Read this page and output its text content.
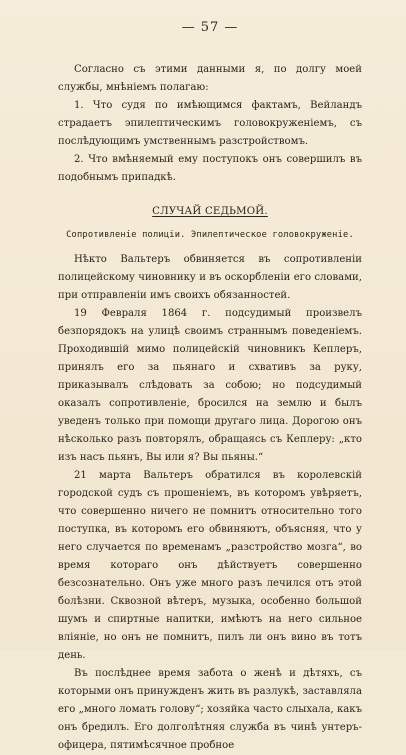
— 57 —

Согласно съ этими данными я, по долгу моей службы, мнѣнiемъ полагаю:

1. Что судя по имѣющимся фактамъ, Вейландъ страдаетъ эпилептическимъ головокруженiемъ, съ послѣдующимъ умственнымъ разстройствомъ.

2. Что вмѣняемый ему поступокъ онъ совершилъ въ подобнымъ припадкѣ.

СЛУЧАЙ СЕДЬМОЙ.
Сопротивленiе полицiи. Эпилептическое головокруженiе.

Нѣкто Вальтеръ обвиняется въ сопротивленiи полицейскому чиновнику и въ оскорбленiи его словами, при отправленiи имъ своихъ обязанностей.

19 Февраля 1864 г. подсудимый произвелъ безпорядокъ на улицѣ своимъ страннымъ поведенiемъ. Проходившiй мимо полицейскiй чиновникъ Кеплеръ, принялъ его за пьянаго и схвативъ за руку, приказывалъ слѣдовать за собою; но подсудимый оказалъ сопротивленiе, бросился на землю и былъ уведенъ только при помощи другаго лица. Дорогою онъ нѣсколько разъ повторялъ, обращаясь съ Кеплеру: „кто изъ насъ пьянъ, Вы или я? Вы пьяны.“

21 марта Вальтеръ обратился въ королевскiй городской судъ съ прошенiемъ, въ которомъ увѣряетъ, что совершенно ничего не помнитъ относительно того поступка, въ которомъ его обвиняютъ, объясняя, что у него случается по временамъ „разстройство мозга“, во время котораго онъ дѣйствуетъ совершенно безсознательно. Онъ уже много разъ лечился отъ этой болѣзни. Сквозной вѣтеръ, музыка, особенно большой шумъ и спиртные напитки, имѣютъ на него сильное влiянiе, но онъ не помнитъ, пилъ ли онъ вино въ тотъ день.

Въ послѣднее время забота о женѣ и дѣтяхъ, съ которыми онъ принужденъ жить въ разлукѣ, заставляла его „много ломать голову“; хозяйка часто слыхала, какъ онъ бредилъ. Его долголѣтняя служба въ чинѣ унтеръ-офицера, пятимѣсячное пробное
